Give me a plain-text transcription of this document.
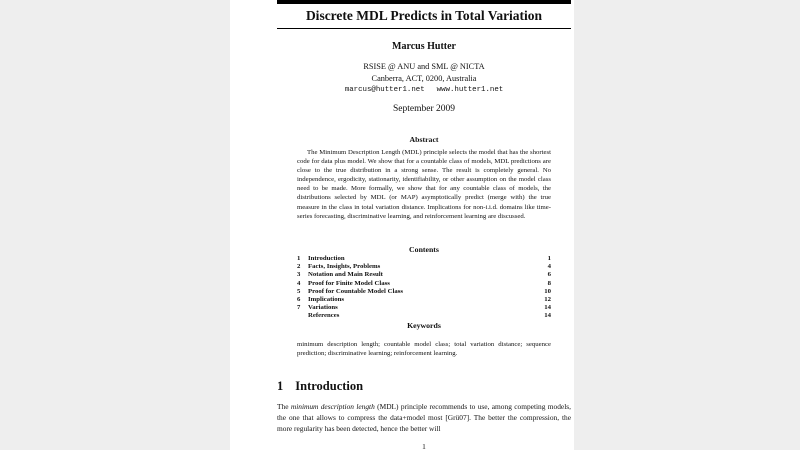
Discrete MDL Predicts in Total Variation
Marcus Hutter
RSISE @ ANU and SML @ NICTA
Canberra, ACT, 0200, Australia
marcus@hutter1.net www.hutter1.net
September 2009
Abstract
The Minimum Description Length (MDL) principle selects the model that has the shortest code for data plus model. We show that for a countable class of models, MDL predictions are close to the true distribution in a strong sense. The result is completely general. No independence, ergodicity, stationarity, identifiability, or other assumption on the model class need to be made. More formally, we show that for any countable class of models, the distributions selected by MDL (or MAP) asymptotically predict (merge with) the true measure in the class in total variation distance. Implications for non-i.i.d. domains like time-series forecasting, discriminative learning, and reinforcement learning are discussed.
Contents
1	Introduction	1
2	Facts, Insights, Problems	4
3	Notation and Main Result	6
4	Proof for Finite Model Class	8
5	Proof for Countable Model Class	10
6	Implications	12
7	Variations	14
References	14
Keywords
minimum description length; countable model class; total variation distance; sequence prediction; discriminative learning; reinforcement learning.
1 Introduction
The minimum description length (MDL) principle recommends to use, among competing models, the one that allows to compress the data+model most [Grü07]. The better the compression, the more regularity has been detected, hence the better will
1
